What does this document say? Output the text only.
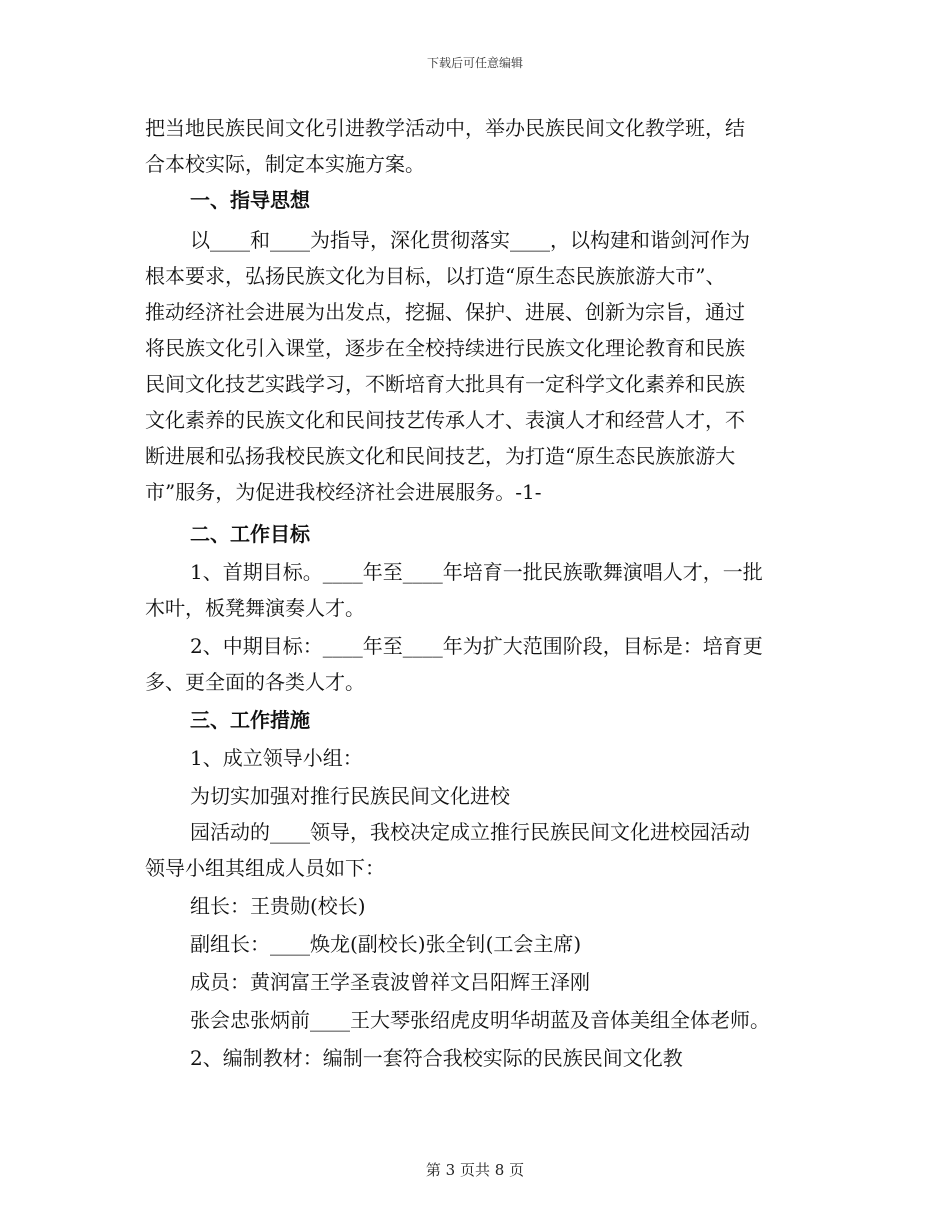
下载后可任意编辑
把当地民族民间文化引进教学活动中，举办民族民间文化教学班，结
合本校实际，制定本实施方案。
一、指导思想
以____和____为指导，深化贯彻落实____，以构建和谐剑河作为
根本要求，弘扬民族文化为目标，以打造“原生态民族旅游大市”、
推动经济社会进展为出发点，挖掘、保护、进展、创新为宗旨，通过
将民族文化引入课堂，逐步在全校持续进行民族文化理论教育和民族
民间文化技艺实践学习，不断培育大批具有一定科学文化素养和民族
文化素养的民族文化和民间技艺传承人才、表演人才和经营人才，不
断进展和弘扬我校民族文化和民间技艺，为打造“原生态民族旅游大
市”服务，为促进我校经济社会进展服务。-1-
二、工作目标
1、首期目标。____年至____年培育一批民族歌舞演唱人才，一批
木叶，板凳舞演奏人才。
2、中期目标：____年至____年为扩大范围阶段，目标是：培育更
多、更全面的各类人才。
三、工作措施
1、成立领导小组：
为切实加强对推行民族民间文化进校
园活动的____领导，我校决定成立推行民族民间文化进校园活动
领导小组其组成人员如下：
组长：王贵勋(校长)
副组长：____焕龙(副校长)张全钊(工会主席)
成员：黄润富王学圣袁波曾祥文吕阳辉王泽刚
张会忠张炳前____王大琴张绍虎皮明华胡蓝及音体美组全体老师。
2、编制教材：编制一套符合我校实际的民族民间文化教
第 3 页共 8 页
